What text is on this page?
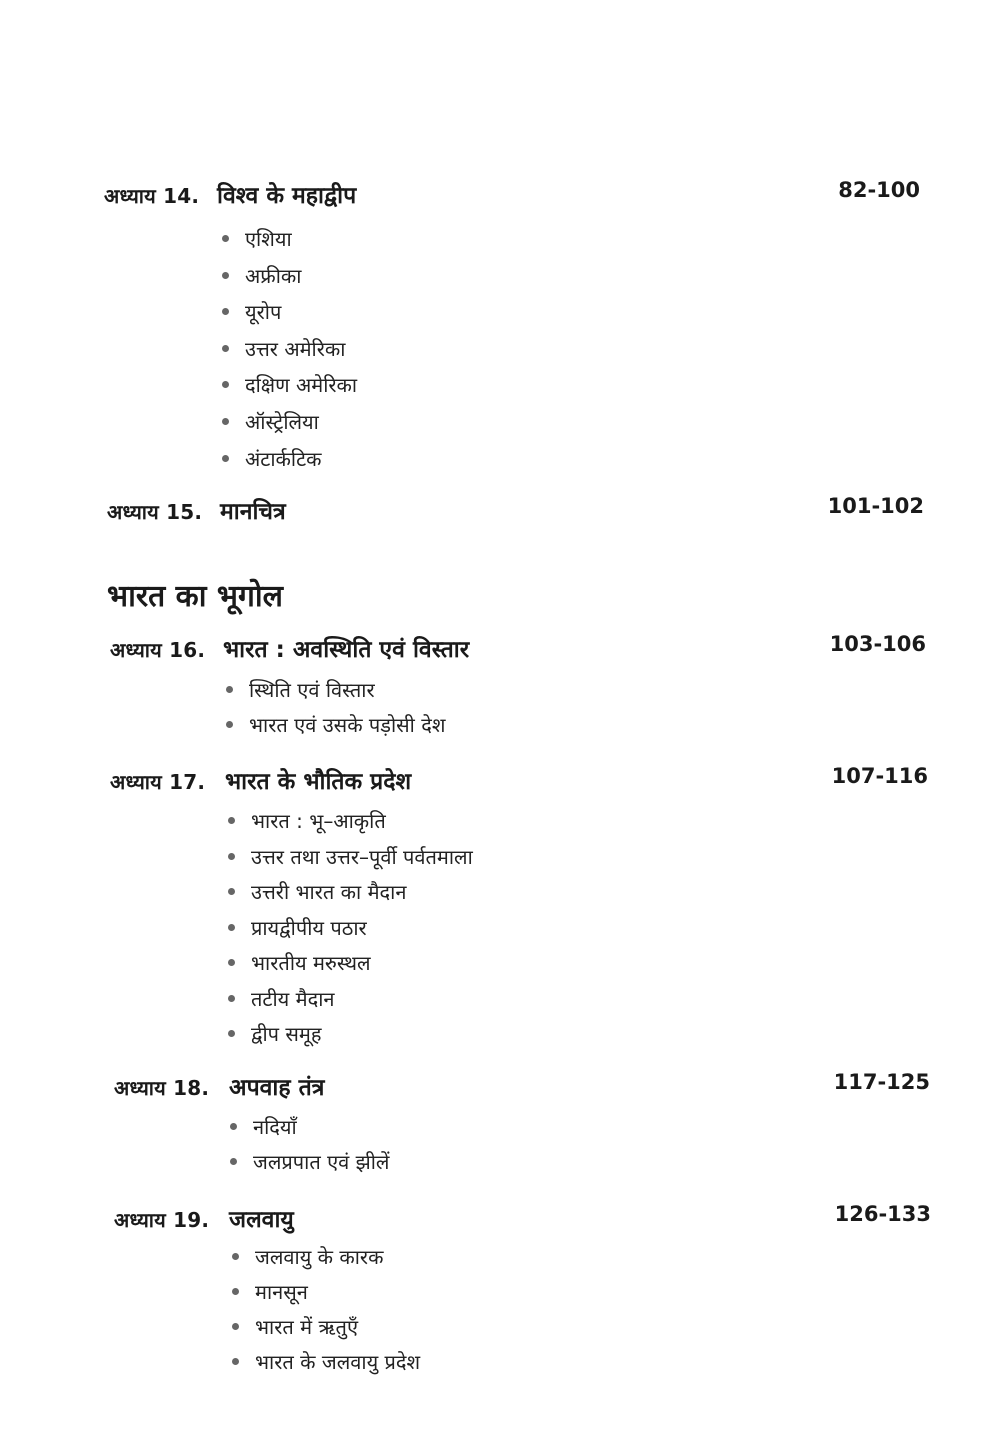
भारत का भूगोल
अध्याय 14. विश्व के महाद्वीप	82-100
एशिया
अफ्रीका
यूरोप
उत्तर अमेरिका
दक्षिण अमेरिका
ऑस्ट्रेलिया
अंटार्कटिक
अध्याय 15. मानचित्र	101-102
अध्याय 16. भारत : अवस्थिति एवं विस्तार	103-106
स्थिति एवं विस्तार
भारत एवं उसके पड़ोसी देश
अध्याय 17. भारत के भौतिक प्रदेश	107-116
भारत : भू–आकृति
उत्तर तथा उत्तर–पूर्वी पर्वतमाला
उत्तरी भारत का मैदान
प्रायद्वीपीय पठार
भारतीय मरुस्थल
तटीय मैदान
द्वीप समूह
अध्याय 18. अपवाह तंत्र	117-125
नदियाँ
जलप्रपात एवं झीलें
अध्याय 19. जलवायु	126-133
जलवायु के कारक
मानसून
भारत में ऋतुएँ
भारत के जलवायु प्रदेश
